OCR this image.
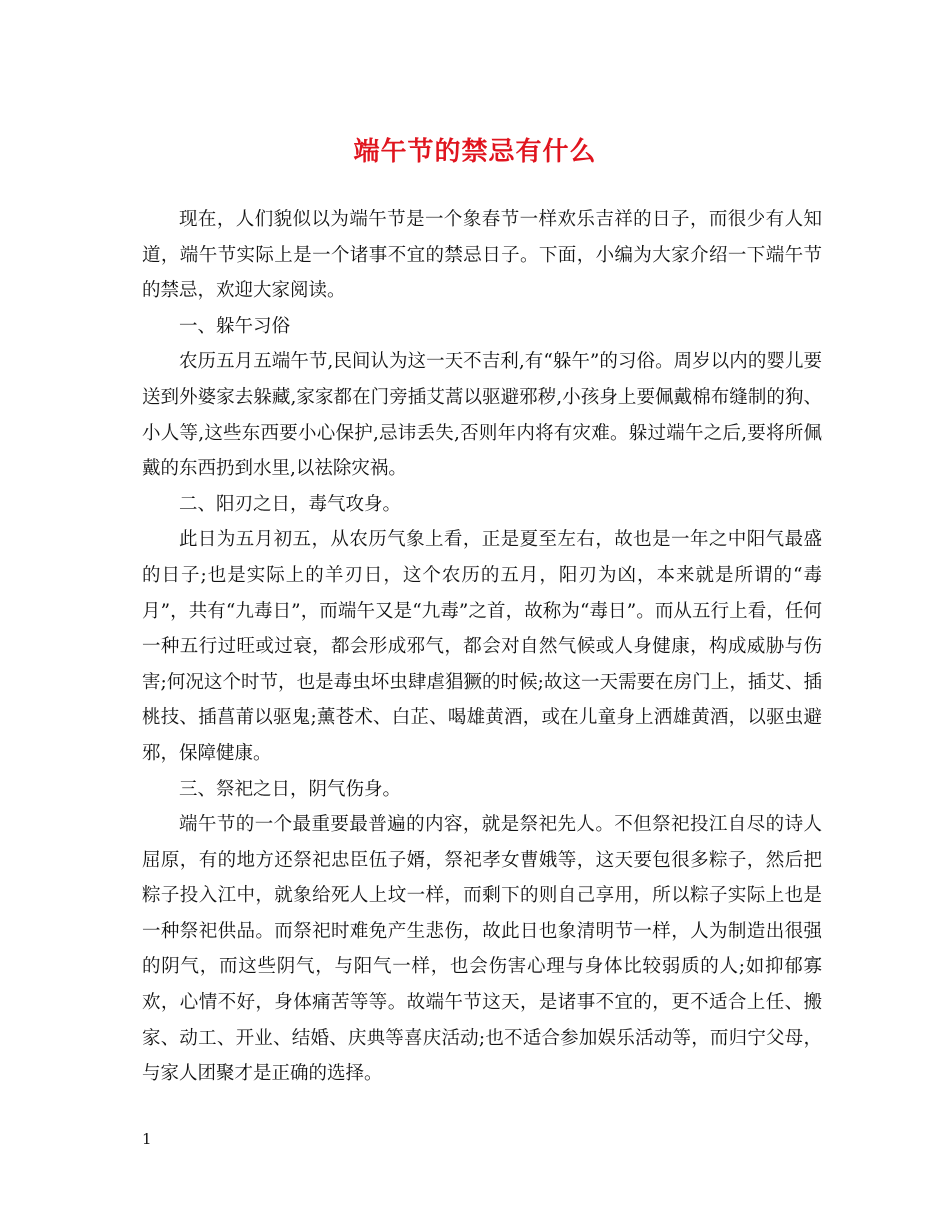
端午节的禁忌有什么

现在，人们貌似以为端午节是一个象春节一样欢乐吉祥的日子，而很少有人知道，端午节实际上是一个诸事不宜的禁忌日子。下面，小编为大家介绍一下端午节的禁忌，欢迎大家阅读。

一、躲午习俗

农历五月五端午节,民间认为这一天不吉利,有“躲午”的习俗。周岁以内的婴儿要送到外婆家去躲藏,家家都在门旁插艾蒿以驱避邪秽,小孩身上要佩戴棉布缝制的狗、小人等,这些东西要小心保护,忌讳丢失,否则年内将有灾难。躲过端午之后,要将所佩戴的东西扔到水里,以祛除灾祸。

二、阳刃之日，毒气攻身。

此日为五月初五，从农历气象上看，正是夏至左右，故也是一年之中阳气最盛的日子;也是实际上的羊刃日，这个农历的五月，阳刃为凶，本来就是所谓的“毒月”，共有“九毒日”，而端午又是“九毒”之首，故称为“毒日”。而从五行上看，任何一种五行过旺或过衰，都会形成邪气，都会对自然气候或人身健康，构成威胁与伤害;何况这个时节，也是毒虫坏虫肆虐猖獗的时候;故这一天需要在房门上，插艾、插桃技、插菖莆以驱鬼;薰苍术、白芷、喝雄黄酒，或在儿童身上洒雄黄酒，以驱虫避邪，保障健康。

三、祭祀之日，阴气伤身。

端午节的一个最重要最普遍的内容，就是祭祀先人。不但祭祀投江自尽的诗人屈原，有的地方还祭祀忠臣伍子婿，祭祀孝女曹娥等，这天要包很多粽子，然后把粽子投入江中，就象给死人上坟一样，而剩下的则自己享用，所以粽子实际上也是一种祭祀供品。而祭祀时难免产生悲伤，故此日也象清明节一样，人为制造出很强的阴气，而这些阴气，与阳气一样，也会伤害心理与身体比较弱质的人;如抑郁寡欢，心情不好，身体痛苦等等。故端午节这天，是诸事不宜的，更不适合上任、搬家、动工、开业、结婚、庆典等喜庆活动;也不适合参加娱乐活动等，而归宁父母，与家人团聚才是正确的选择。

1
